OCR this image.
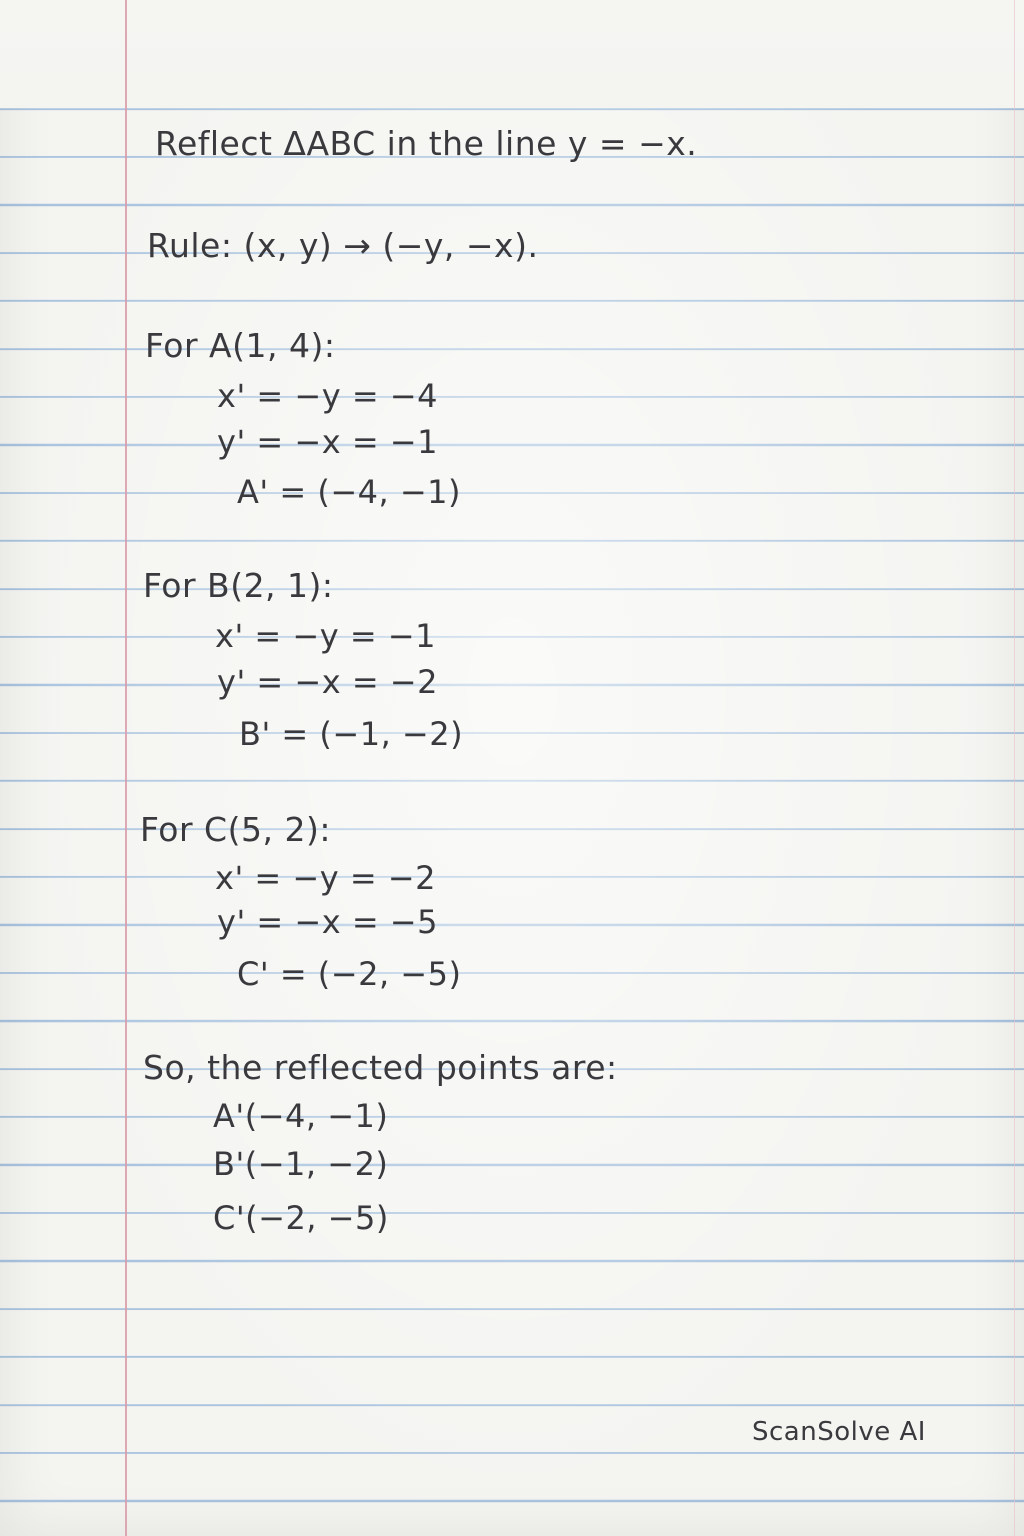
Reflect ΔABC in the line y = −x.

Rule: (x, y) → (−y, −x).

For A(1, 4):

x' = −y = −4

y' = −x = −1

A' = (−4, −1)

For B(2, 1):

x' = −y = −1

y' = −x = −2

B' = (−1, −2)

For C(5, 2):

x' = −y = −2

y' = −x = −5

C' = (−2, −5)

So, the reflected points are:

A'(−4, −1)

B'(−1, −2)

C'(−2, −5)

ScanSolve AI
